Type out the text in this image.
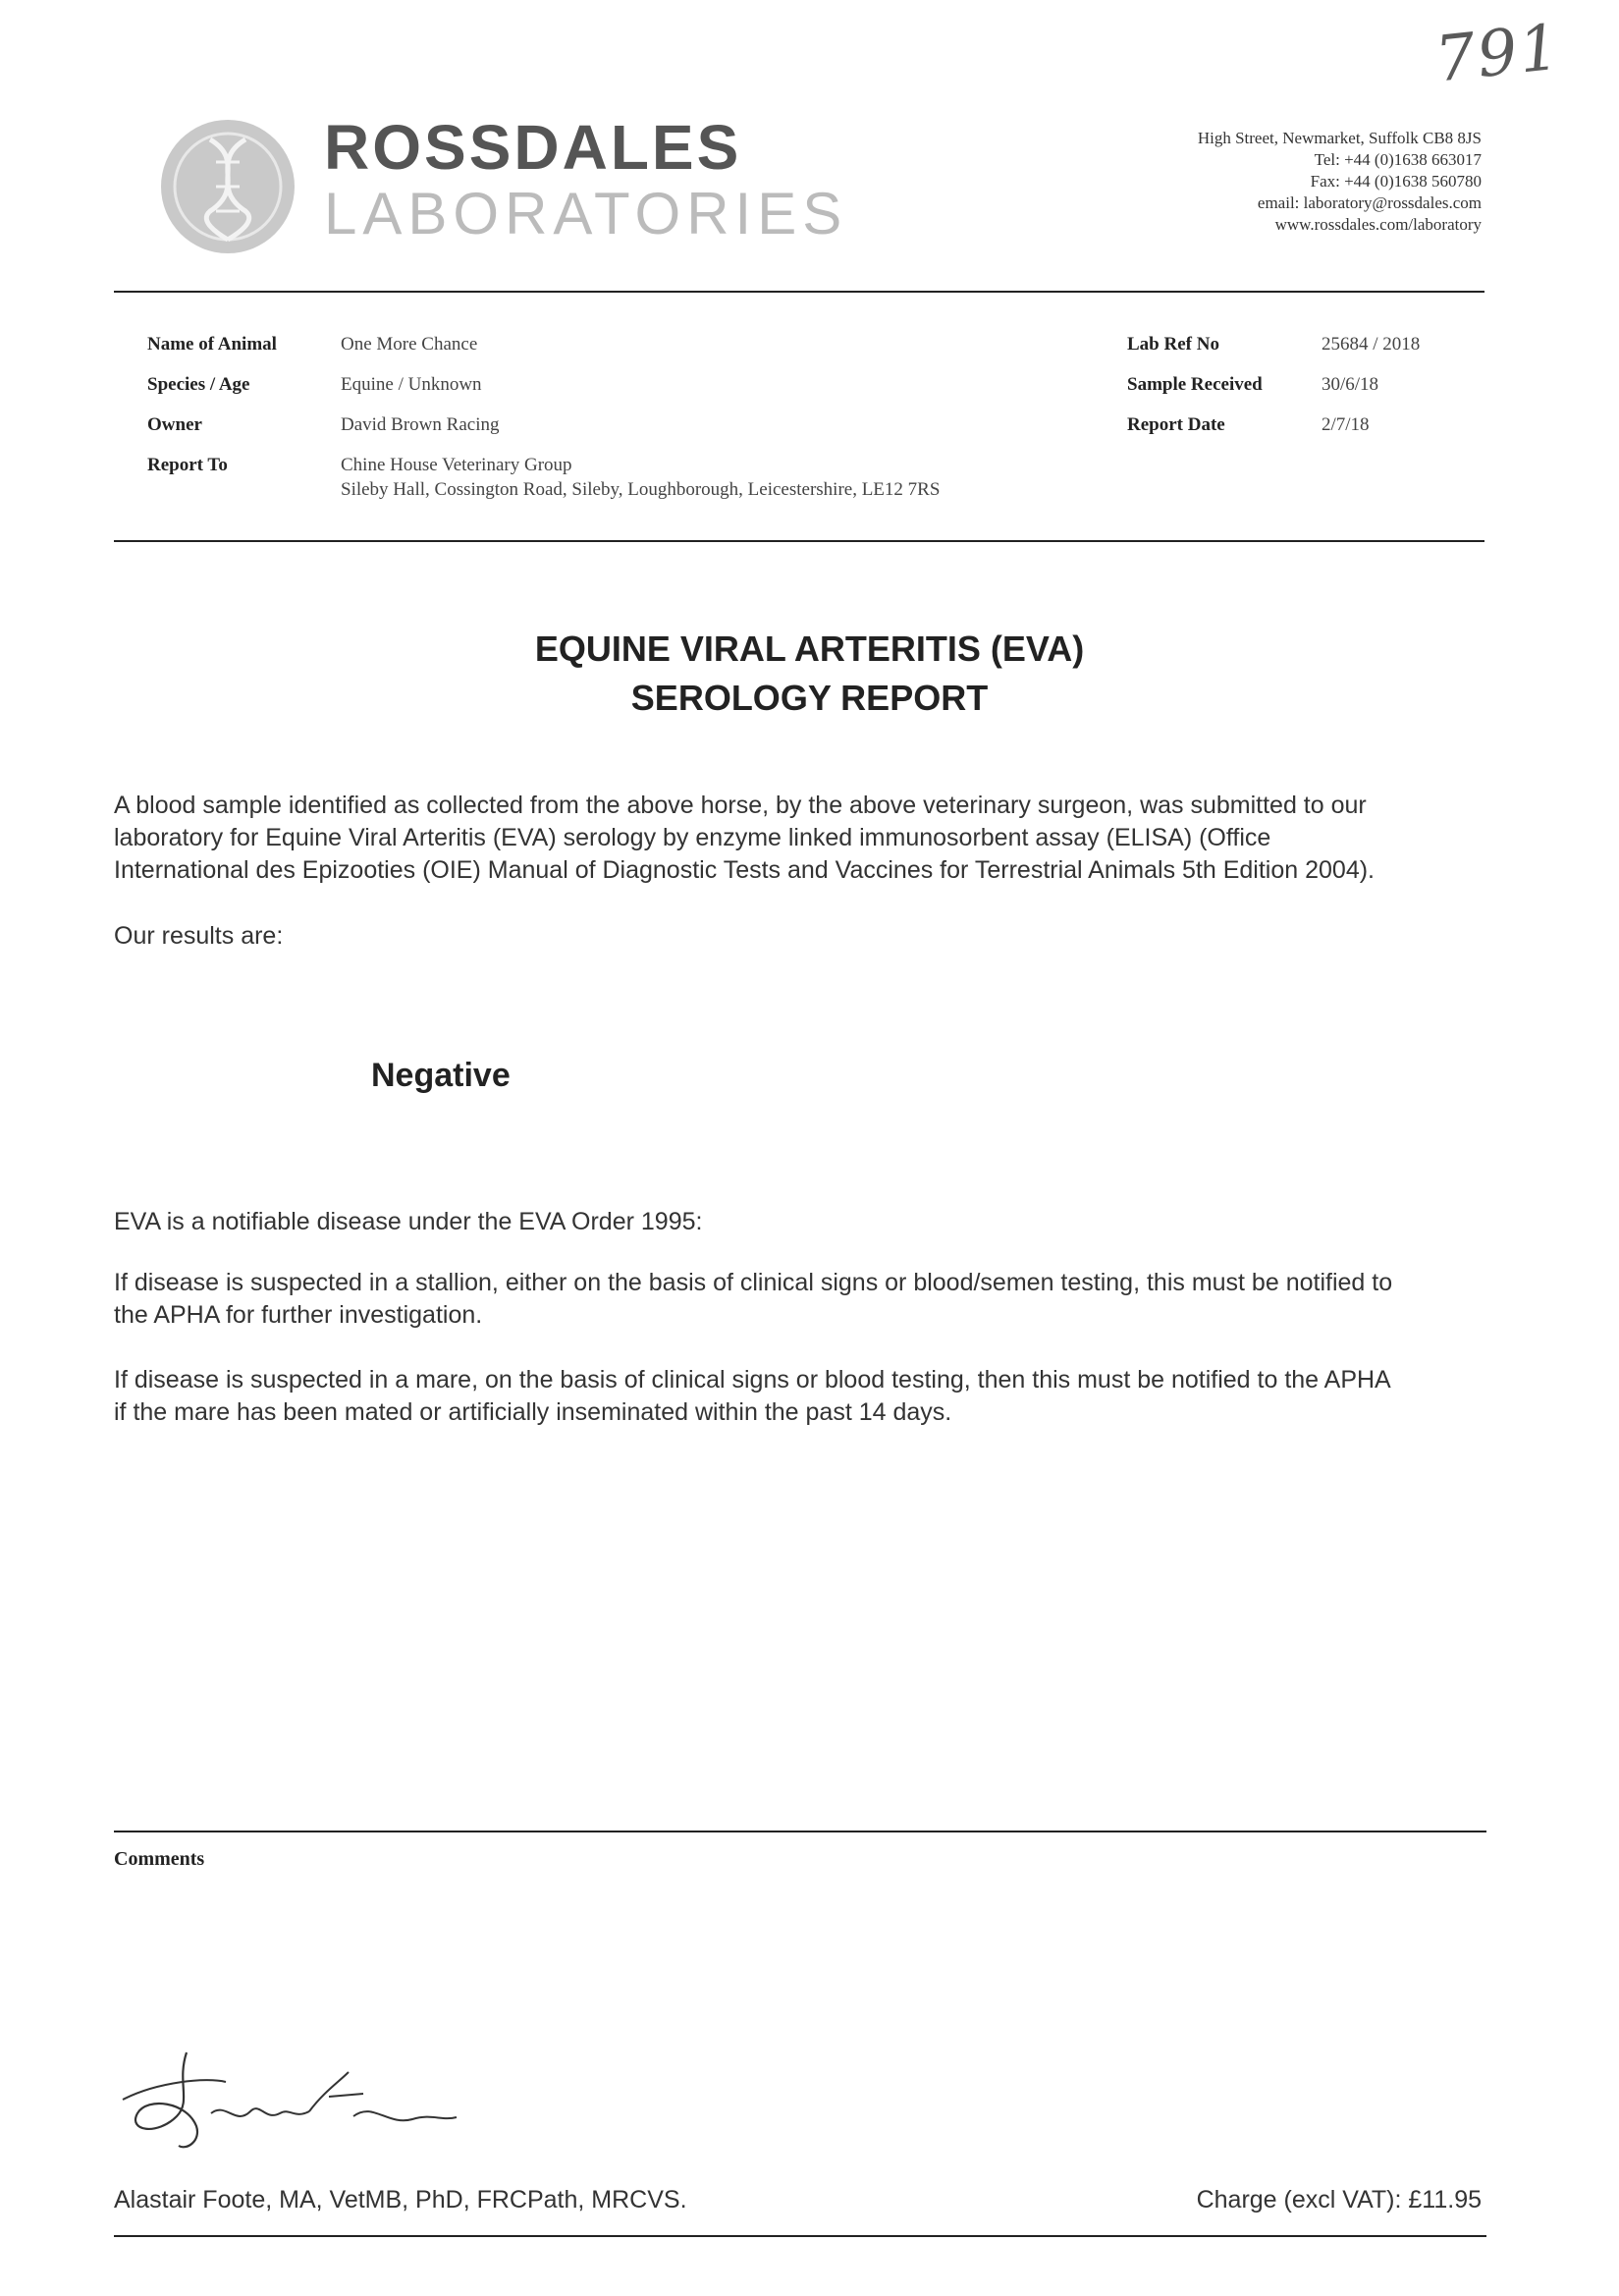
791
ROSSDALES
LABORATORIES
High Street, Newmarket, Suffolk CB8 8JS
Tel: +44 (0)1638 663017
Fax: +44 (0)1638 560780
email: laboratory@rossdales.com
www.rossdales.com/laboratory
Name of Animal	One More Chance
Species / Age	Equine / Unknown
Owner	David Brown Racing
Report To	Chine House Veterinary Group
Sileby Hall, Cossington Road, Sileby, Loughborough, Leicestershire, LE12 7RS
Lab Ref No	25684 / 2018
Sample Received	30/6/18
Report Date	2/7/18
EQUINE VIRAL ARTERITIS (EVA)
SEROLOGY REPORT
A blood sample identified as collected from the above horse, by the above veterinary surgeon, was submitted to our
laboratory for Equine Viral Arteritis (EVA) serology by enzyme linked immunosorbent assay (ELISA) (Office
International des Epizooties (OIE) Manual of Diagnostic Tests and Vaccines for Terrestrial Animals 5th Edition 2004).
Our results are:
Negative
EVA is a notifiable disease under the EVA Order 1995:
If disease is suspected in a stallion, either on the basis of clinical signs or blood/semen testing, this must be notified to
the APHA for further investigation.
If disease is suspected in a mare, on the basis of clinical signs or blood testing, then this must be notified to the APHA
if the mare has been mated or artificially inseminated within the past 14 days.
Comments
Alastair Foote, MA, VetMB, PhD, FRCPath, MRCVS.	Charge (excl VAT): £11.95
